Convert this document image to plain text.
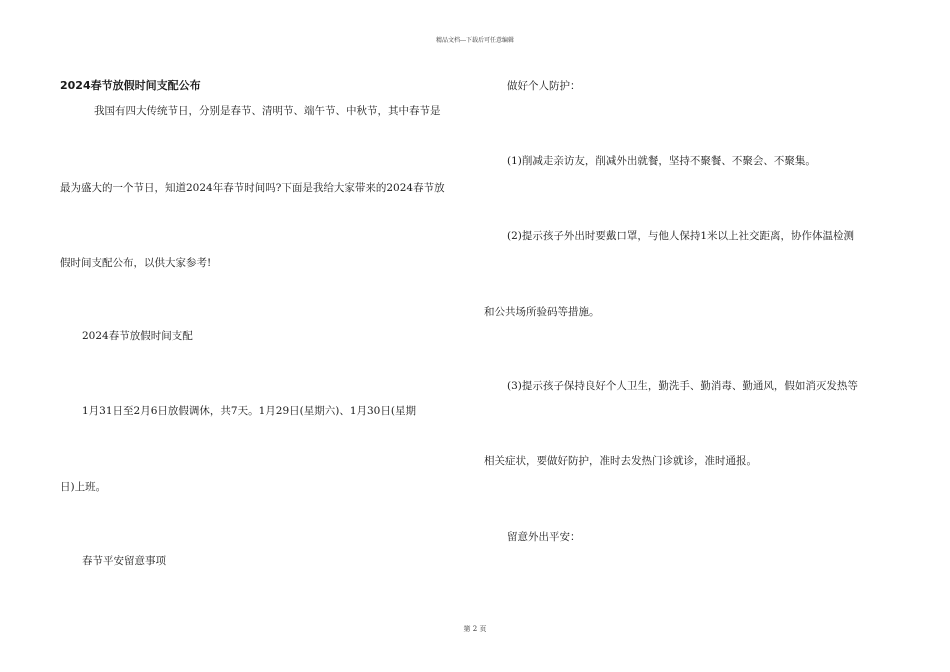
精品文档---下载后可任意编辑
2024春节放假时间支配公布
我国有四大传统节日，分别是春节、清明节、端午节、中秋节，其中春节是
最为盛大的一个节日，知道2024年春节时间吗?下面是我给大家带来的2024春节放
假时间支配公布，以供大家参考!
2024春节放假时间支配
1月31日至2月6日放假调休，共7天。1月29日(星期六)、1月30日(星期
日)上班。
春节平安留意事项
做好个人防护：
(1)削减走亲访友，削减外出就餐，坚持不聚餐、不聚会、不聚集。
(2)提示孩子外出时要戴口罩，与他人保持1米以上社交距离，协作体温检测
和公共场所验码等措施。
(3)提示孩子保持良好个人卫生，勤洗手、勤消毒、勤通风，假如消灭发热等
相关症状，要做好防护，准时去发热门诊就诊，准时通报。
留意外出平安：
第 2 页
